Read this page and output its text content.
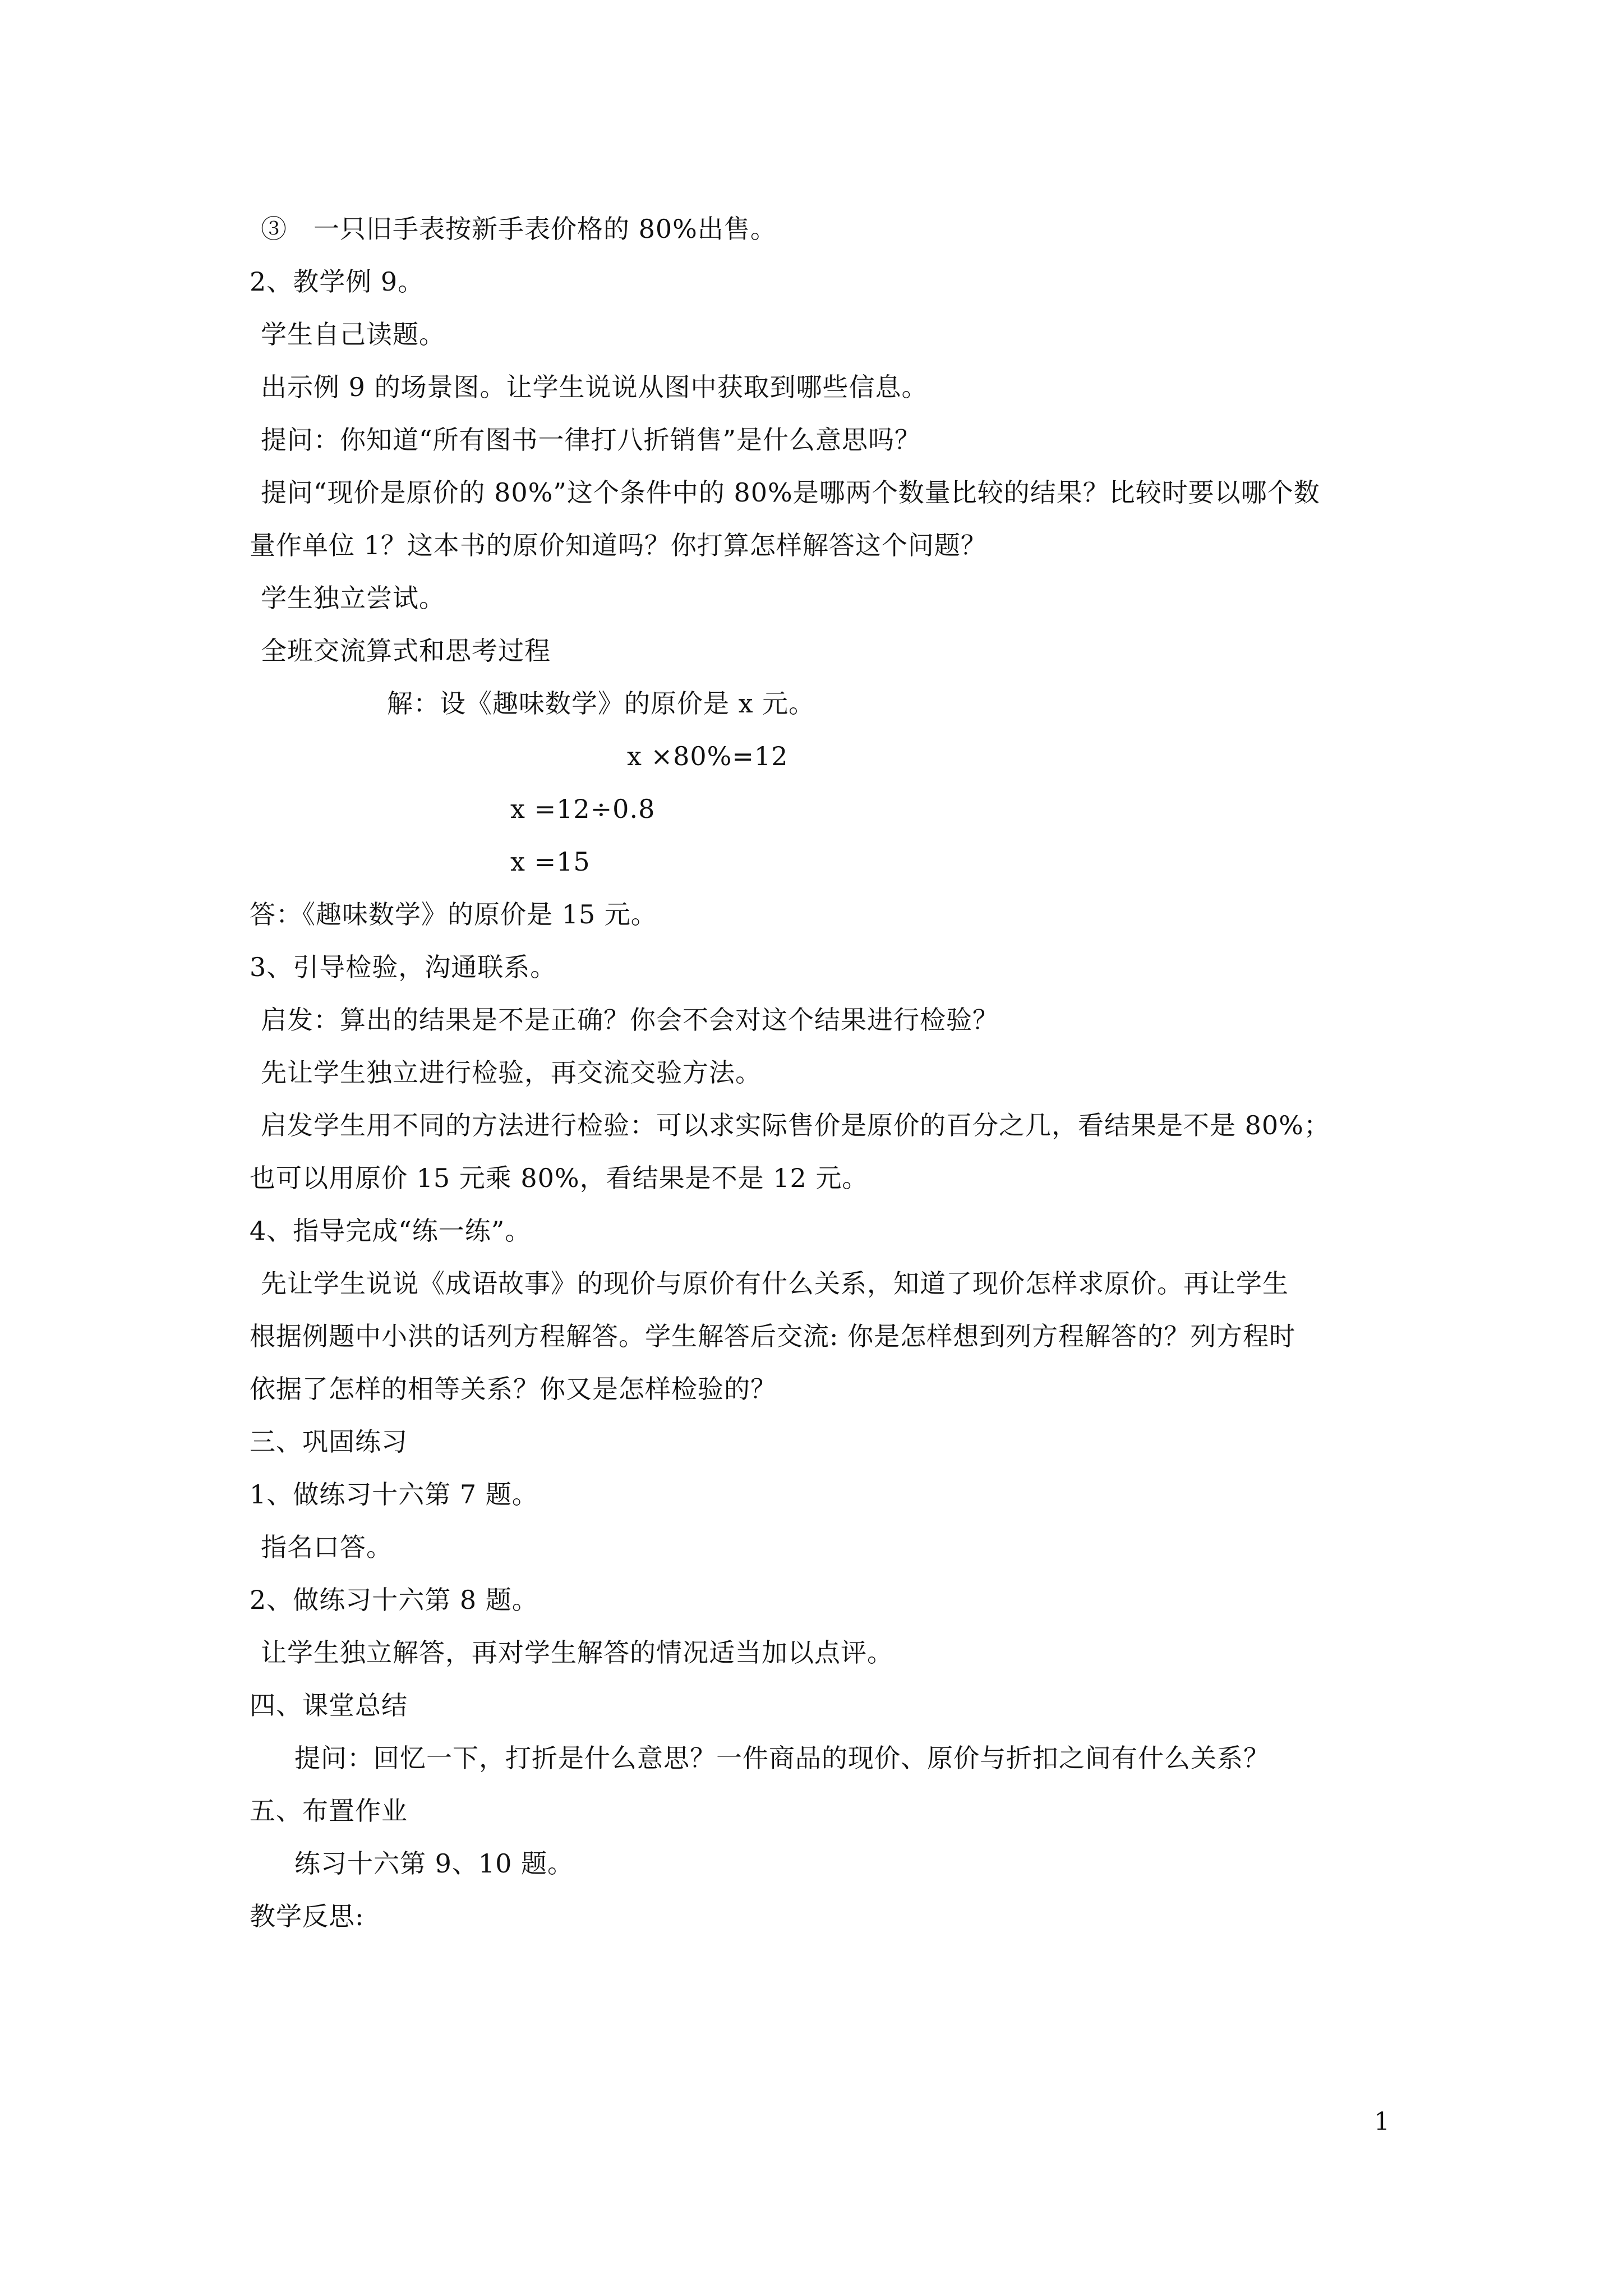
③　一只旧手表按新手表价格的 80%出售。
2、教学例 9。
学生自己读题。
出示例 9 的场景图。让学生说说从图中获取到哪些信息。
提问：你知道“所有图书一律打八折销售”是什么意思吗？
提问“现价是原价的 80%”这个条件中的 80%是哪两个数量比较的结果？比较时要以哪个数
量作单位 1？这本书的原价知道吗？你打算怎样解答这个问题？
学生独立尝试。
全班交流算式和思考过程
解：设《趣味数学》的原价是 x 元。
x ×80%=12
x =12÷0.8
x =15
答：《趣味数学》的原价是 15 元。
3、引导检验，沟通联系。
启发：算出的结果是不是正确？你会不会对这个结果进行检验？
先让学生独立进行检验，再交流交验方法。
启发学生用不同的方法进行检验：可以求实际售价是原价的百分之几，看结果是不是 80%；
也可以用原价 15 元乘 80%，看结果是不是 12 元。
4、指导完成“练一练”。
先让学生说说《成语故事》的现价与原价有什么关系，知道了现价怎样求原价。再让学生
根据例题中小洪的话列方程解答。学生解答后交流: 你是怎样想到列方程解答的？列方程时
依据了怎样的相等关系？你又是怎样检验的？
三、巩固练习
1、做练习十六第 7 题。
指名口答。
2、做练习十六第 8 题。
让学生独立解答，再对学生解答的情况适当加以点评。
四、课堂总结
提问：回忆一下，打折是什么意思？一件商品的现价、原价与折扣之间有什么关系？
五、布置作业
练习十六第 9、10 题。
教学反思:
1
